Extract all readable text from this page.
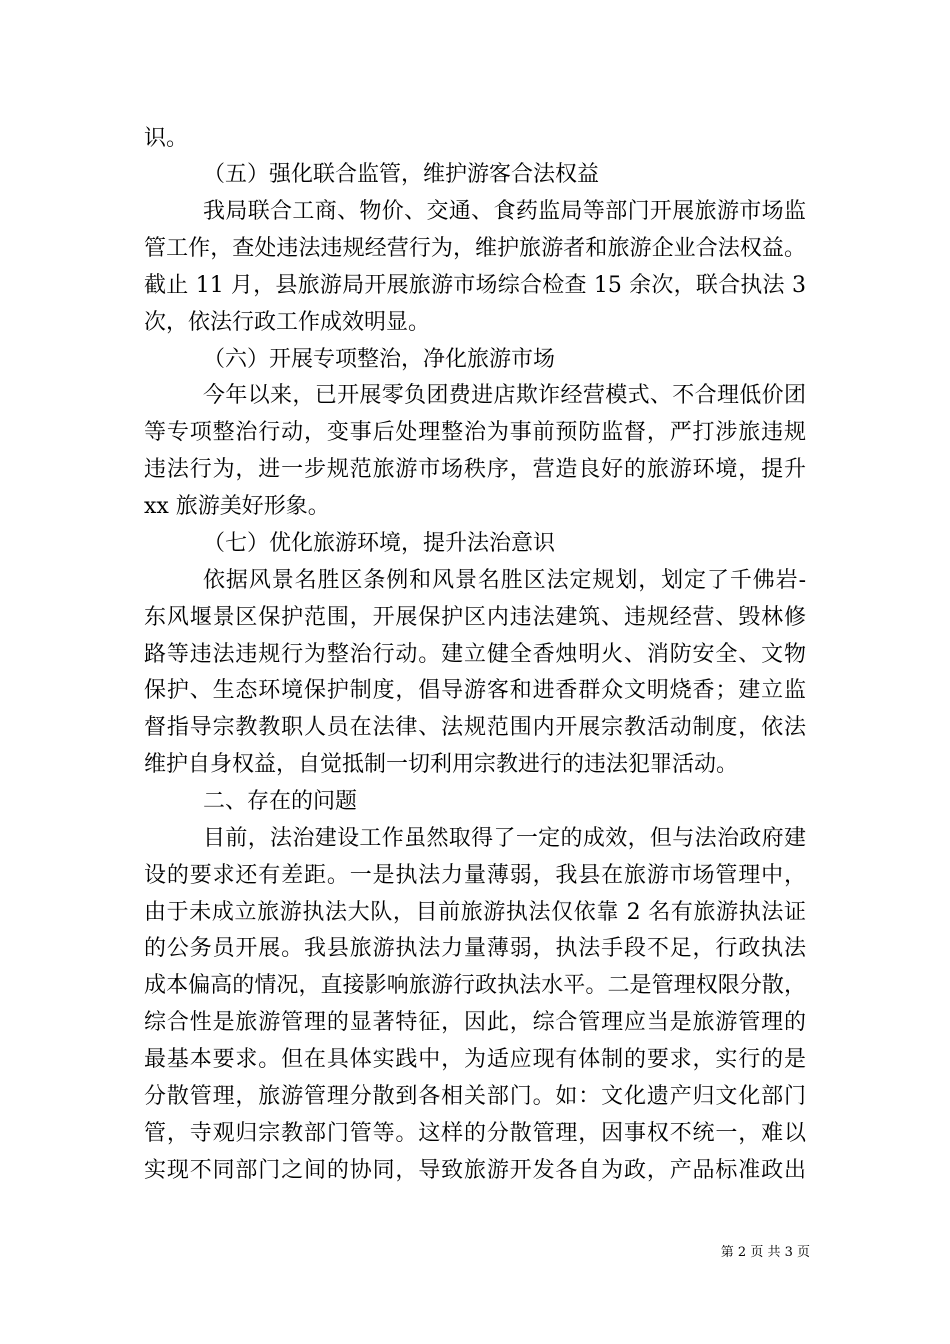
识。
（五）强化联合监管，维护游客合法权益
我局联合工商、物价、交通、食药监局等部门开展旅游市场监
管工作，查处违法违规经营行为，维护旅游者和旅游企业合法权益。
截止 11 月，县旅游局开展旅游市场综合检查 15 余次，联合执法 3
次，依法行政工作成效明显。
（六）开展专项整治，净化旅游市场
今年以来，已开展零负团费进店欺诈经营模式、不合理低价团
等专项整治行动，变事后处理整治为事前预防监督，严打涉旅违规
违法行为，进一步规范旅游市场秩序，营造良好的旅游环境，提升
xx 旅游美好形象。
（七）优化旅游环境，提升法治意识
依据风景名胜区条例和风景名胜区法定规划，划定了千佛岩-
东风堰景区保护范围，开展保护区内违法建筑、违规经营、毁林修
路等违法违规行为整治行动。建立健全香烛明火、消防安全、文物
保护、生态环境保护制度，倡导游客和进香群众文明烧香；建立监
督指导宗教教职人员在法律、法规范围内开展宗教活动制度，依法
维护自身权益，自觉抵制一切利用宗教进行的违法犯罪活动。
二、存在的问题
目前，法治建设工作虽然取得了一定的成效，但与法治政府建
设的要求还有差距。一是执法力量薄弱，我县在旅游市场管理中，
由于未成立旅游执法大队，目前旅游执法仅依靠 2 名有旅游执法证
的公务员开展。我县旅游执法力量薄弱，执法手段不足，行政执法
成本偏高的情况，直接影响旅游行政执法水平。二是管理权限分散，
综合性是旅游管理的显著特征，因此，综合管理应当是旅游管理的
最基本要求。但在具体实践中，为适应现有体制的要求，实行的是
分散管理，旅游管理分散到各相关部门。如：文化遗产归文化部门
管，寺观归宗教部门管等。这样的分散管理，因事权不统一，难以
实现不同部门之间的协同，导致旅游开发各自为政，产品标准政出
第 2 页 共 3 页
